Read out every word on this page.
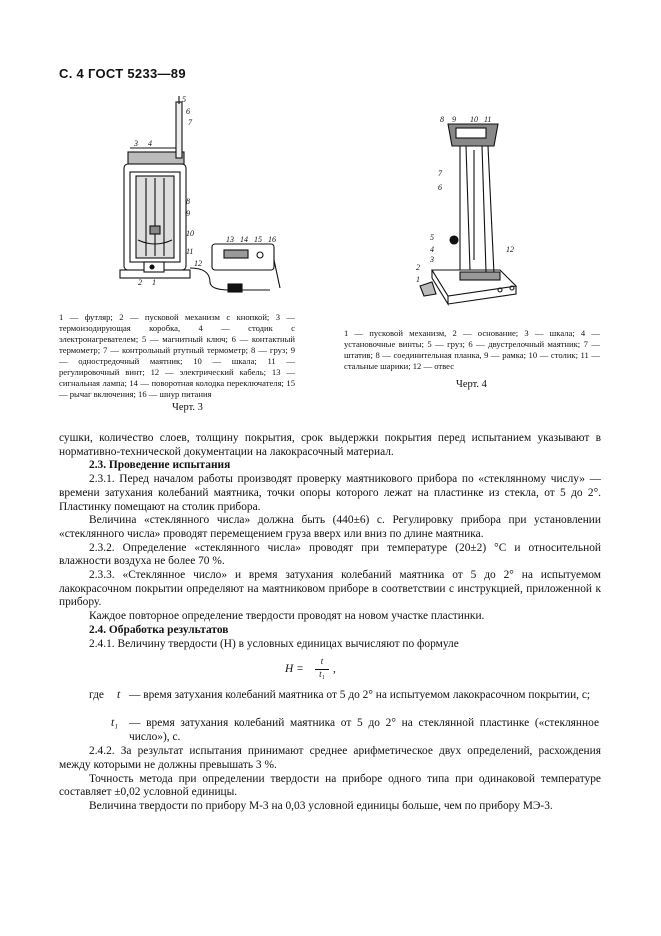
С. 4 ГОСТ 5233—89
5
6
7
3 4
8
9
10
11
12
13 14 15 16
2 1
8 9 10 11
7
6
5
4
3
2
1
12
1 — футляр; 2 — пусковой механизм с кнопкой; 3 — термоизодирующая коробка, 4 — стодик с электронагревателем; 5 — магнитный ключ; 6 — контактный термометр; 7 — контрольный ртутный термометр; 8 — груз; 9 — одностредочный маятник; 10 — шкала; 11 — регулировочный винт; 12 — электрический кабель; 13 — сигнальная лампа; 14 — поворотная колодка переключателя; 15 — рычаг включения; 16 — шнур питания
Черт. 3
1 — пусковой механизм, 2 — основание; 3 — шкала; 4 — установочные винты; 5 — груз; 6 — двустрелочный маятник; 7 — штатив; 8 — соединительная планка, 9 — рамка; 10 — столик; 11 — стальные шарики; 12 — отвес
Черт. 4

сушки, количество слоев, толщину покрытия, срок выдержки покрытия перед испытанием указывают в нормативно-технической документации на лакокрасочный материал.

2.3. Проведение испытания

2.3.1. Перед началом работы производят проверку маятникового прибора по «стеклянному числу» — времени затухания колебаний маятника, точки опоры которого лежат на пластинке из стекла, от 5 до 2°. Пластинку помещают на столик прибора.

Величина «стеклянного числа» должна быть (440±6) с. Регулировку прибора при установлении «стеклянного числа» проводят перемещением груза вверх или вниз по длине маятника.

2.3.2. Определение «стеклянного числа» проводят при температуре (20±2) °С и относительной влажности воздуха не более 70 %.

2.3.3. «Стеклянное число» и время затухания колебаний маятника от 5 до 2° на испытуемом лакокрасочном покрытии определяют на маятниковом приборе в соответствии с инструкцией, приложенной к прибору.

Каждое повторное определение твердости проводят на новом участке пластинки.

2.4. Обработка результатов

2.4.1. Величину твердости (H) в условных единицах вычисляют по формуле

H =
t
t₁ ,
где t — время затухания колебаний маятника от 5 до 2° на испытуемом лакокрасочном покрытии, с;
t₁ — время затухания колебаний маятника от 5 до 2° на стеклянной пластинке («стеклянное число»), с.

2.4.2. За результат испытания принимают среднее арифметическое двух определений, расхождения между которыми не должны превышать 3 %.

Точность метода при определении твердости на приборе одного типа при одинаковой температуре составляет ±0,02 условной единицы.

Величина твердости по прибору М-3 на 0,03 условной единицы больше, чем по прибору МЭ-3.
